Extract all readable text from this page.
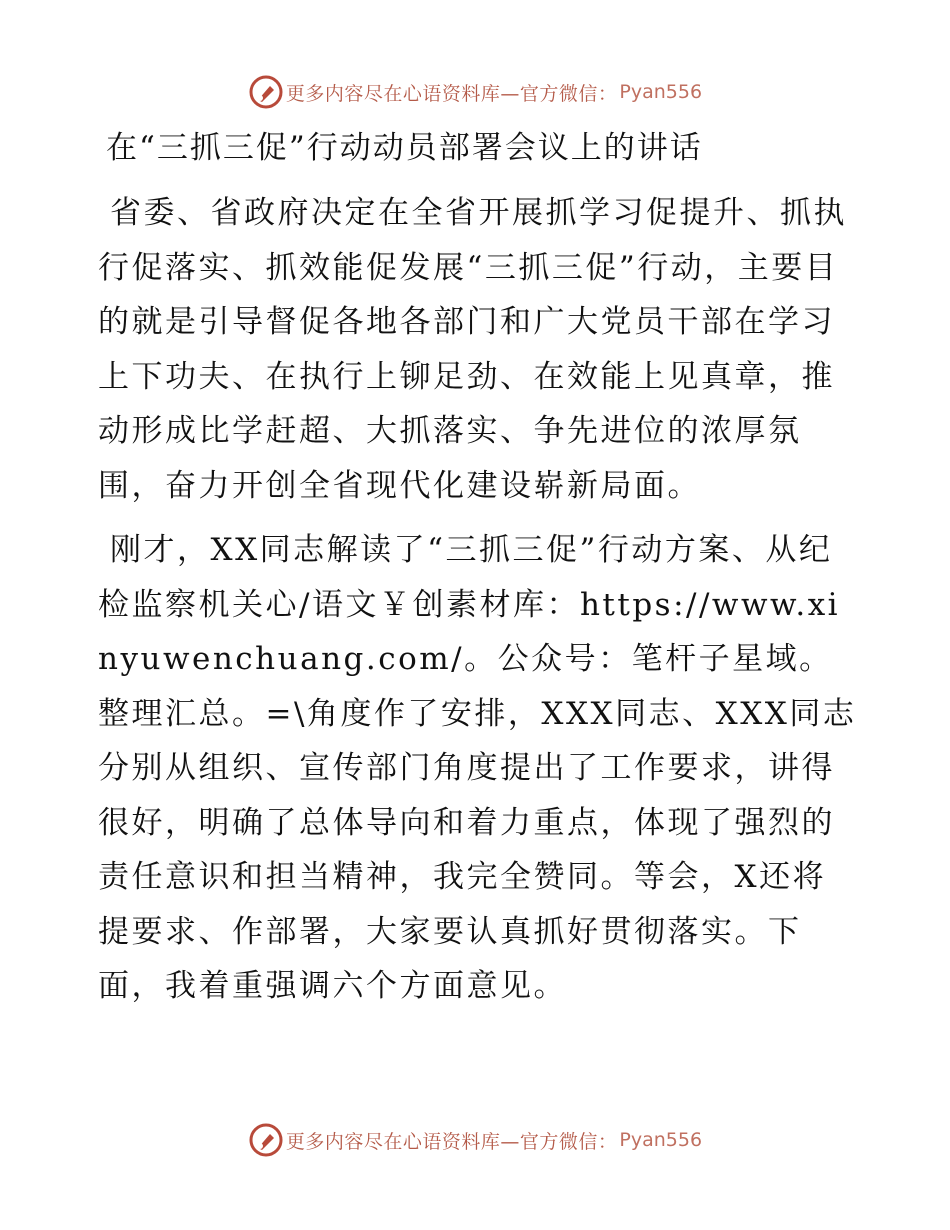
更多内容尽在心语资料库—官方微信： Pyan556
在“三抓三促”行动动员部署会议上的讲话

省委、省政府决定在全省开展抓学习促提升、抓执行促落实、抓效能促发展“三抓三促”行动，主要目的就是引导督促各地各部门和广大党员干部在学习上下功夫、在执行上铆足劲、在效能上见真章，推动形成比学赶超、大抓落实、争先进位的浓厚氛围，奋力开创全省现代化建设崭新局面。

刚才，XX同志解读了“三抓三促”行动方案、从纪检监察机关心/语文￥创素材库：https://www.xinyuwenchuang.com/。公众号：笔杆子星域。整理汇总。=\角度作了安排，XXX同志、XXX同志分别从组织、宣传部门角度提出了工作要求，讲得很好，明确了总体导向和着力重点，体现了强烈的责任意识和担当精神，我完全赞同。等会，X还将提要求、作部署，大家要认真抓好贯彻落实。下面，我着重强调六个方面意见。

更多内容尽在心语资料库—官方微信： Pyan556
